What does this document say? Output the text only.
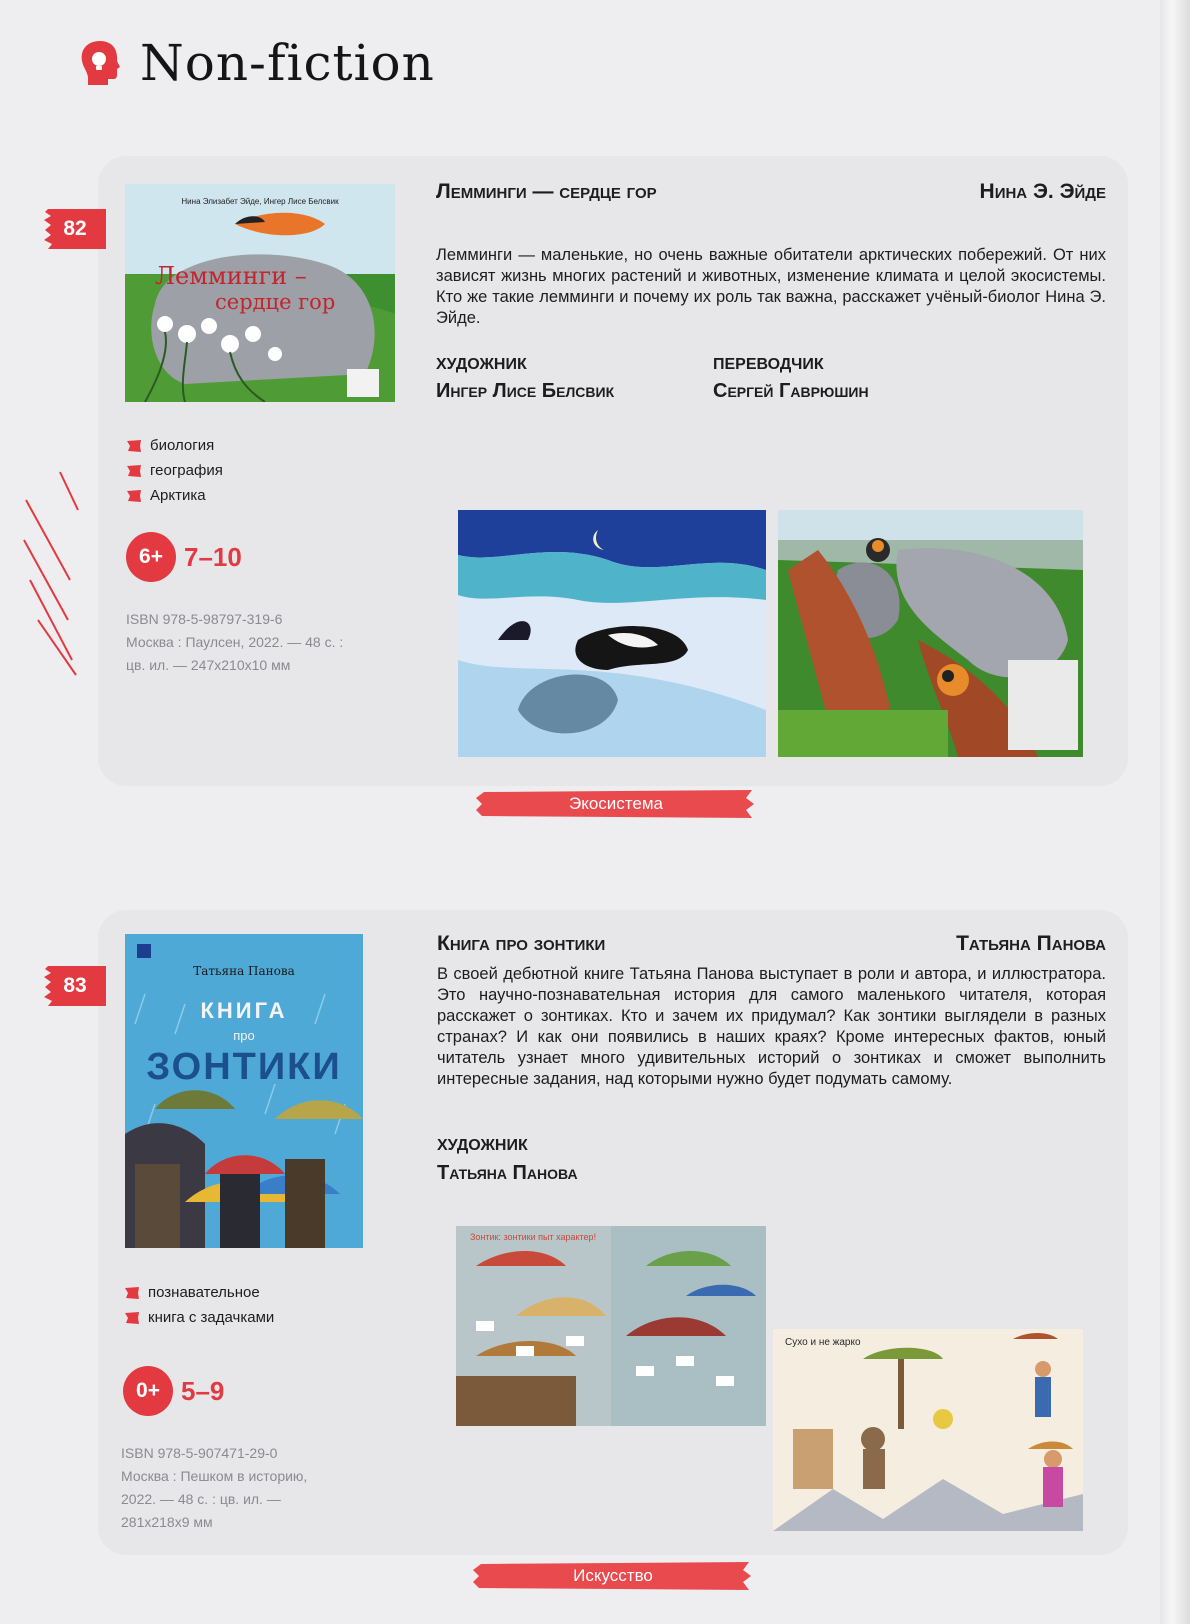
Non-fiction
82
Нина Элизабет Эйде, Ингер Лисе Белсвик
Лемминги –
сердце гор
Лемминги — сердце гор	Нина Э. Эйде
Лемминги — маленькие, но очень важные обитатели арктических побережий. От них зависят жизнь многих растений и животных, изменение климата и целой экосистемы. Кто же такие лемминги и почему их роль так важна, расскажет учёный-биолог Нина Э. Эйде.
ХУДОЖНИК
Ингер Лисе Белсвик
ПЕРЕВОДЧИК
Сергей Гаврюшин
биология
география
Арктика
6+ 7–10
ISBN 978-5-98797-319-6
Москва : Паулсен, 2022. — 48 с. :
цв. ил. — 247x210x10 мм
Экосистема
83
Татьяна Панова
КНИГА
про
ЗОНТИКИ
Книга про зонтики	Татьяна Панова
В своей дебютной книге Татьяна Панова выступает в роли и автора, и иллюстратора. Это научно-познавательная история для самого маленького читателя, которая расскажет о зонтиках. Кто и зачем их придумал? Как зонтики выглядели в разных странах? И как они появились в наших краях? Кроме интересных фактов, юный читатель узнает много удивительных историй о зонтиках и сможет выполнить интересные задания, над которыми нужно будет подумать самому.
ХУДОЖНИК
Татьяна Панова
познавательное
книга с задачками
0+ 5–9
ISBN 978-5-907471-29-0
Москва : Пешком в историю,
2022. — 48 с. : цв. ил. —
281x218x9 мм
Зонтик: зонтики пыт характер!
Сухо и не жарко
Искусство
